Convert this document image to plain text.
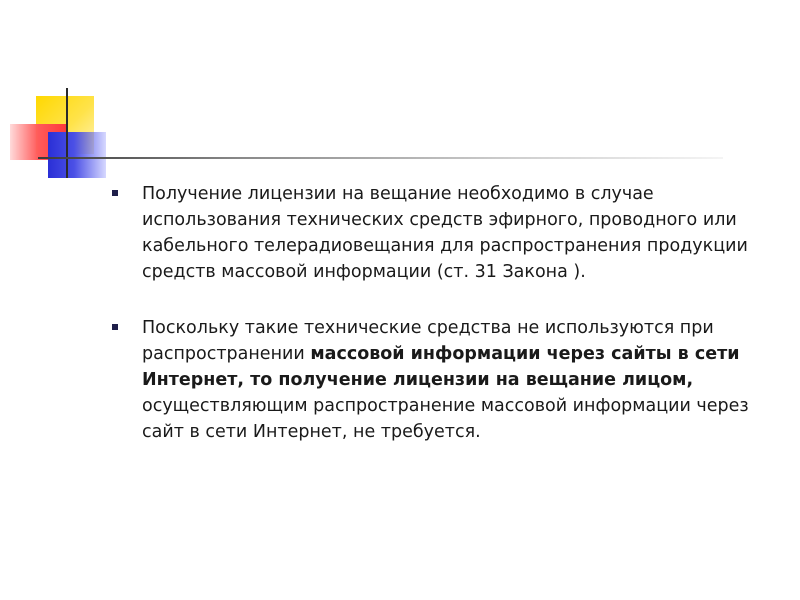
Получение лицензии на вещание необходимо в случае использования технических средств эфирного, проводного или кабельного телерадиовещания для распространения продукции средств массовой информации (ст. 31 Закона ).
Поскольку такие технические средства не используются при распространении массовой информации через сайты в сети Интернет, то получение лицензии на вещание лицом, осуществляющим распространение массовой информации через сайт в сети Интернет, не требуется.
